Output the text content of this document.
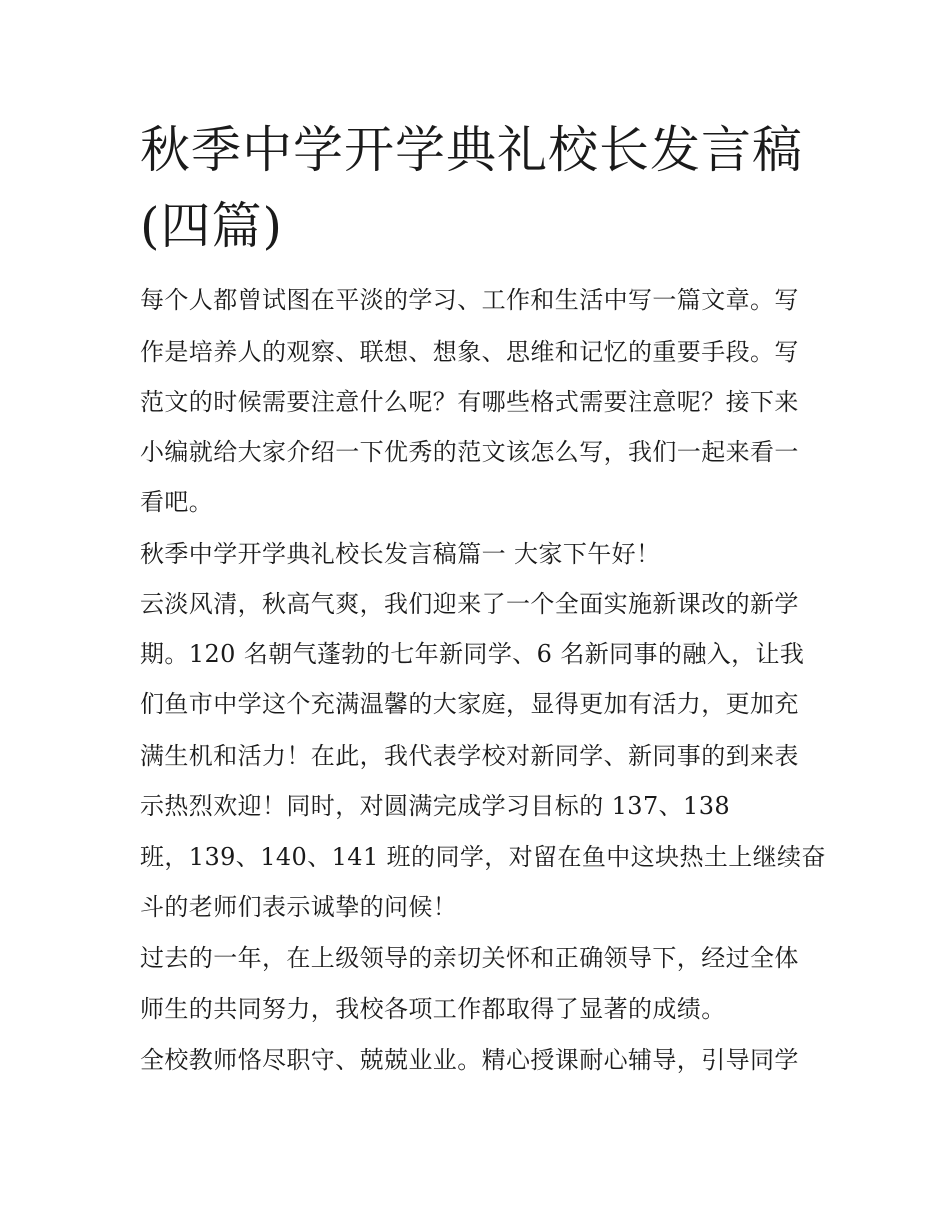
秋季中学开学典礼校长发言稿
(四篇)
每个人都曾试图在平淡的学习、工作和生活中写一篇文章。写
作是培养人的观察、联想、想象、思维和记忆的重要手段。写
范文的时候需要注意什么呢？有哪些格式需要注意呢？接下来
小编就给大家介绍一下优秀的范文该怎么写，我们一起来看一
看吧。
秋季中学开学典礼校长发言稿篇一 大家下午好！
云淡风清，秋高气爽，我们迎来了一个全面实施新课改的新学
期。120 名朝气蓬勃的七年新同学、6 名新同事的融入，让我
们鱼市中学这个充满温馨的大家庭，显得更加有活力，更加充
满生机和活力！在此，我代表学校对新同学、新同事的到来表
示热烈欢迎！同时，对圆满完成学习目标的 137、138
班，139、140、141 班的同学，对留在鱼中这块热土上继续奋
斗的老师们表示诚挚的问候！
过去的一年，在上级领导的亲切关怀和正确领导下，经过全体
师生的共同努力，我校各项工作都取得了显著的成绩。
全校教师恪尽职守、兢兢业业。精心授课耐心辅导，引导同学
